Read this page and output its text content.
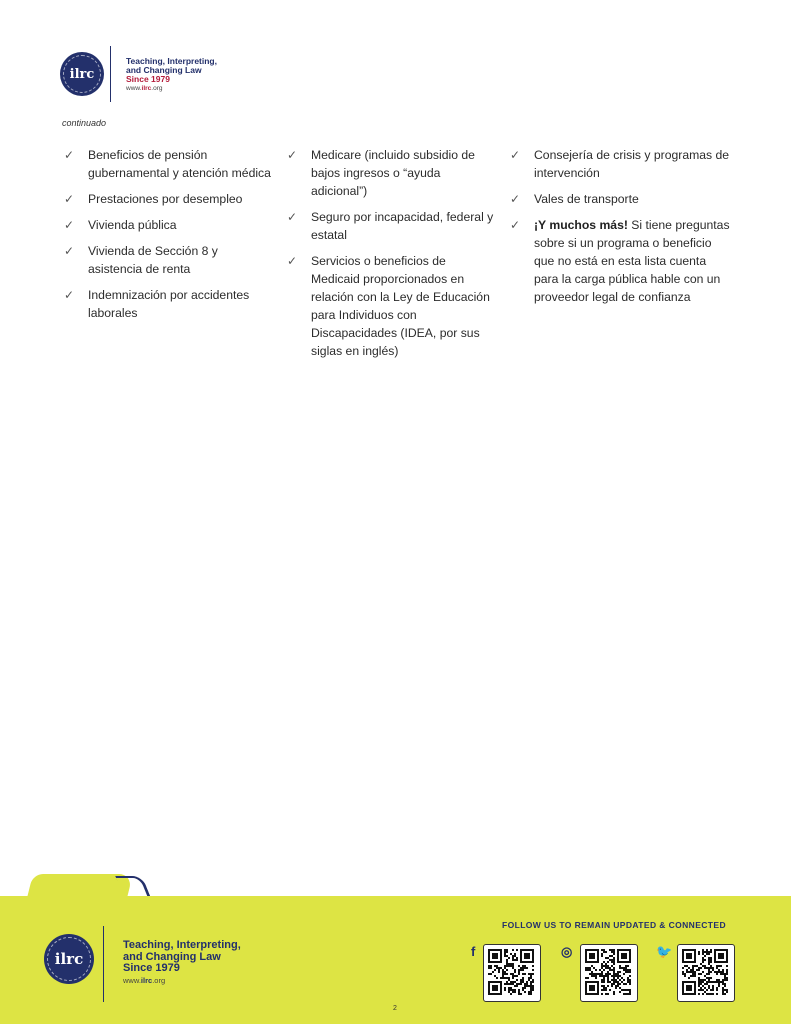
ilrc
Teaching, Interpreting,
and Changing Law
Since 1979
www.ilrc.org
continuado
✓ Beneficios de pensión gubernamental y atención médica
✓ Prestaciones por desempleo
✓ Vivienda pública
✓ Vivienda de Sección 8 y asistencia de renta
✓ Indemnización por accidentes laborales
✓ Medicare (incluido subsidio de bajos ingresos o “ayuda adicional”)
✓ Seguro por incapacidad, federal y estatal
✓ Servicios o beneficios de Medicaid proporcionados en relación con la Ley de Educación para Individuos con Discapacidades (IDEA, por sus siglas en inglés)
✓ Consejería de crisis y programas de intervención
✓ Vales de transporte
✓ ¡Y muchos más! Si tiene preguntas sobre si un programa o beneficio que no está en esta lista cuenta para la carga pública hable con un proveedor legal de confianza
ilrc
Teaching, Interpreting,
and Changing Law
Since 1979
www.ilrc.org
FOLLOW US TO REMAIN UPDATED & CONNECTED
f	◎	🐦
2
